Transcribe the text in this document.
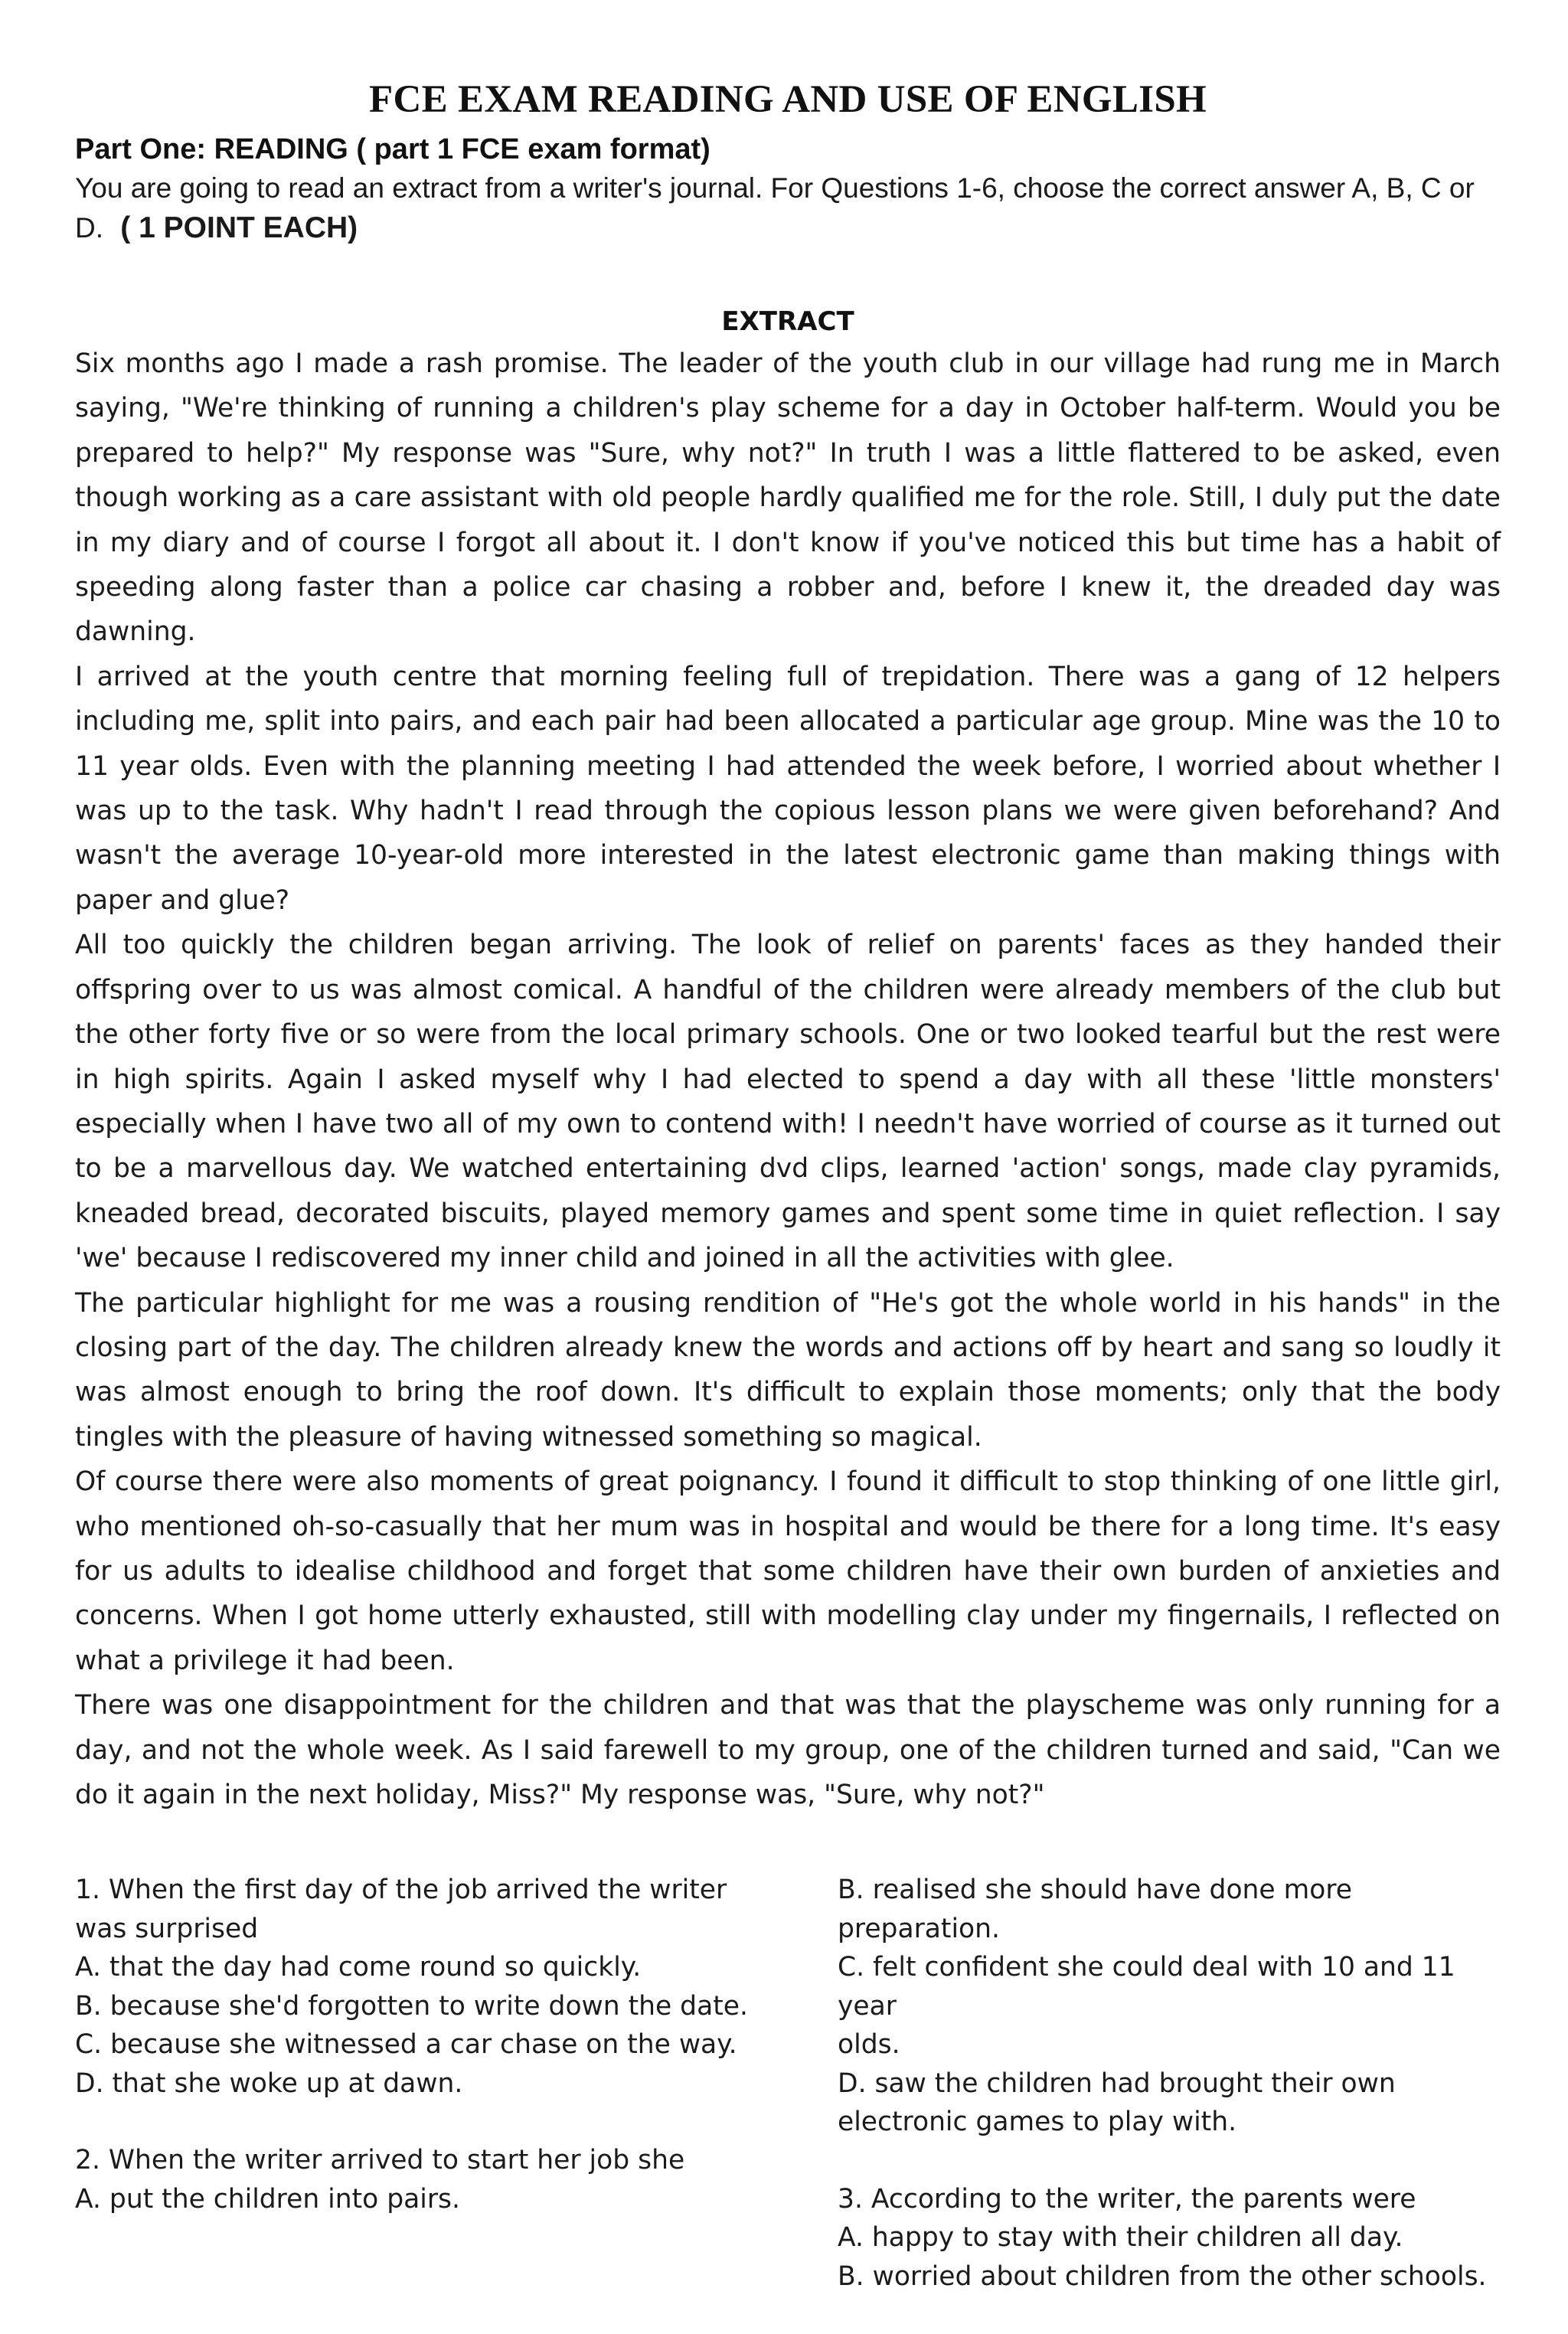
FCE EXAM READING AND USE OF ENGLISH
Part One: READING ( part 1 FCE exam format)

You are going to read an extract from a writer's journal. For Questions 1-6, choose the correct answer A, B, C or D. ( 1 POINT EACH)

EXTRACT

Six months ago I made a rash promise. The leader of the youth club in our village had rung me in March saying, "We're thinking of running a children's play scheme for a day in October half-term. Would you be prepared to help?" My response was "Sure, why not?" In truth I was a little flattered to be asked, even though working as a care assistant with old people hardly qualified me for the role. Still, I duly put the date in my diary and of course I forgot all about it. I don't know if you've noticed this but time has a habit of speeding along faster than a police car chasing a robber and, before I knew it, the dreaded day was dawning.

I arrived at the youth centre that morning feeling full of trepidation. There was a gang of 12 helpers including me, split into pairs, and each pair had been allocated a particular age group. Mine was the 10 to 11 year olds. Even with the planning meeting I had attended the week before, I worried about whether I was up to the task. Why hadn't I read through the copious lesson plans we were given beforehand? And wasn't the average 10-year-old more interested in the latest electronic game than making things with paper and glue?

All too quickly the children began arriving. The look of relief on parents' faces as they handed their offspring over to us was almost comical. A handful of the children were already members of the club but the other forty five or so were from the local primary schools. One or two looked tearful but the rest were in high spirits. Again I asked myself why I had elected to spend a day with all these 'little monsters' especially when I have two all of my own to contend with! I needn't have worried of course as it turned out to be a marvellous day. We watched entertaining dvd clips, learned 'action' songs, made clay pyramids, kneaded bread, decorated biscuits, played memory games and spent some time in quiet reflection. I say 'we' because I rediscovered my inner child and joined in all the activities with glee.

The particular highlight for me was a rousing rendition of "He's got the whole world in his hands" in the closing part of the day. The children already knew the words and actions off by heart and sang so loudly it was almost enough to bring the roof down. It's difficult to explain those moments; only that the body tingles with the pleasure of having witnessed something so magical.

Of course there were also moments of great poignancy. I found it difficult to stop thinking of one little girl, who mentioned oh-so-casually that her mum was in hospital and would be there for a long time. It's easy for us adults to idealise childhood and forget that some children have their own burden of anxieties and concerns. When I got home utterly exhausted, still with modelling clay under my fingernails, I reflected on what a privilege it had been.

There was one disappointment for the children and that was that the playscheme was only running for a day, and not the whole week. As I said farewell to my group, one of the children turned and said, "Can we do it again in the next holiday, Miss?" My response was, "Sure, why not?"

1. When the first day of the job arrived the writer
was surprised
A. that the day had come round so quickly.
B. because she'd forgotten to write down the date.
C. because she witnessed a car chase on the way.
D. that she woke up at dawn.
2. When the writer arrived to start her job she
A. put the children into pairs.
B. realised she should have done more
preparation.
C. felt confident she could deal with 10 and 11 year
olds.
D. saw the children had brought their own
electronic games to play with.
3. According to the writer, the parents were
A. happy to stay with their children all day.
B. worried about children from the other schools.
